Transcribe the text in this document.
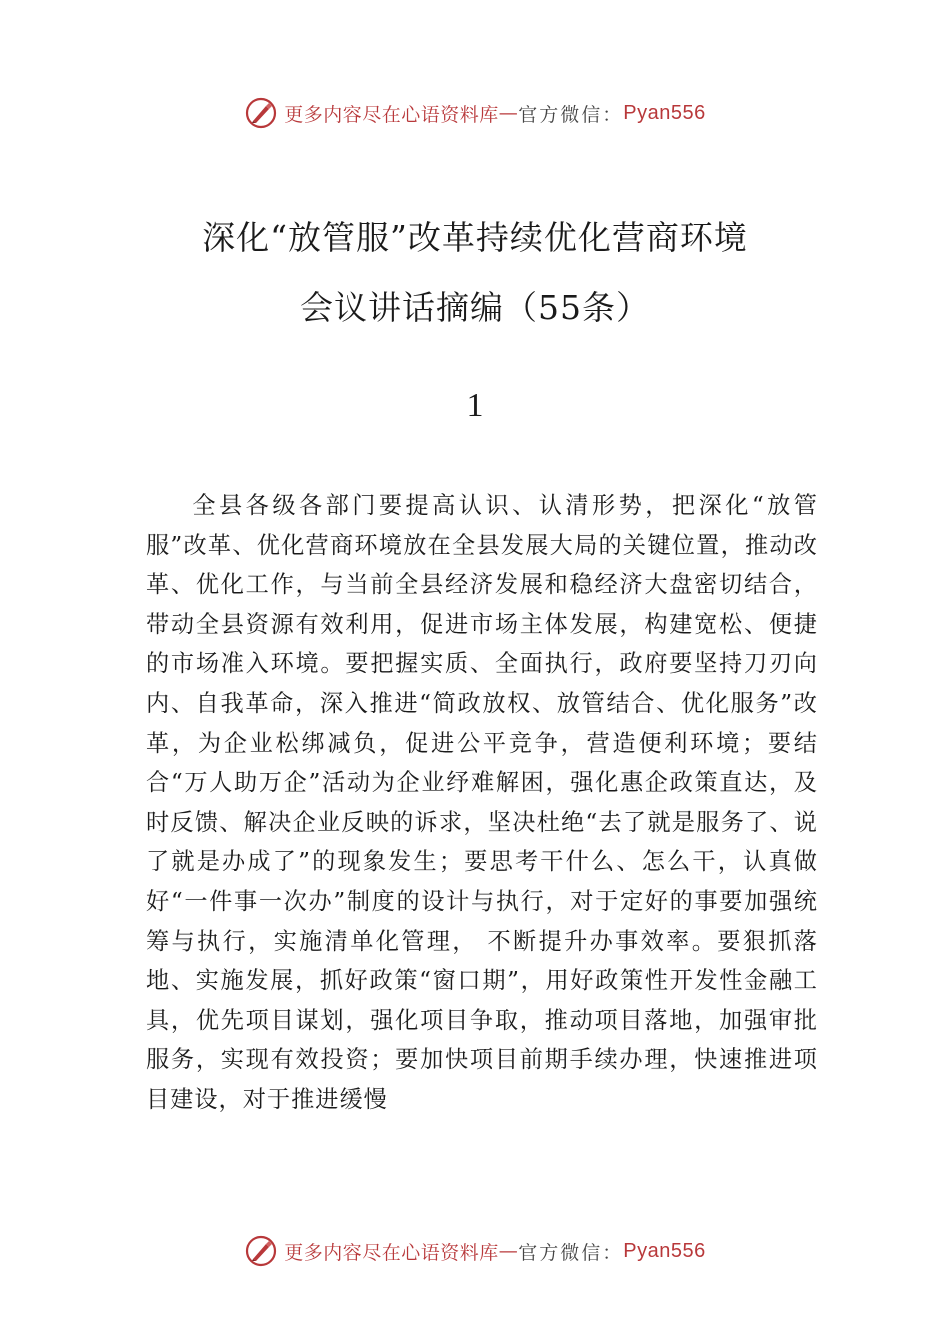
更多内容尽在心语资料库 — 官方微信： Pyan556
深化“放管服”改革持续优化营商环境
会议讲话摘编（55条）
1

全县各级各部门要提高认识、认清形势，把深化“放管服”改革、优化营商环境放在全县发展大局的关键位置，推动改革、优化工作，与当前全县经济发展和稳经济大盘密切结合，带动全县资源有效利用，促进市场主体发展，构建宽松、便捷的市场准入环境。要把握实质、全面执行，政府要坚持刀刃向内、自我革命，深入推进“简政放权、放管结合、优化服务”改革，为企业松绑减负，促进公平竞争，营造便利环境；要结合“万人助万企”活动为企业纾难解困，强化惠企政策直达，及时反馈、解决企业反映的诉求，坚决杜绝“去了就是服务了、说了就是办成了”的现象发生；要思考干什么、怎么干，认真做好“一件事一次办”制度的设计与执行，对于定好的事要加强统筹与执行，实施清单化管理， 不断提升办事效率。要狠抓落地、实施发展，抓好政策“窗口期”，用好政策性开发性金融工具，优先项目谋划，强化项目争取，推动项目落地，加强审批服务，实现有效投资；要加快项目前期手续办理，快速推进项目建设，对于推进缓慢

更多内容尽在心语资料库 — 官方微信： Pyan556
